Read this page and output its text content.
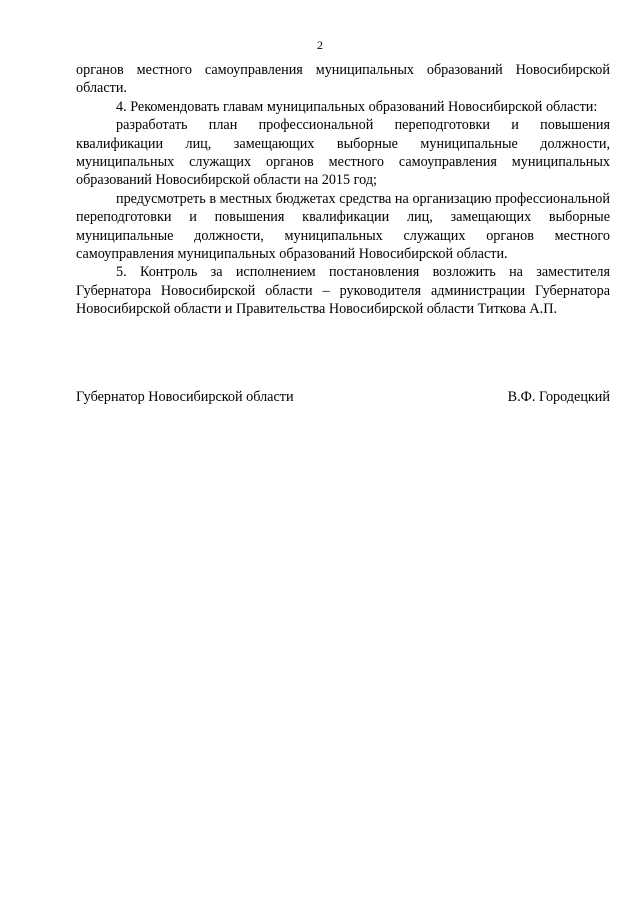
2

органов местного самоуправления муниципальных образований Новосибирской области.

4. Рекомендовать главам муниципальных образований Новосибирской области:

разработать план профессиональной переподготовки и повышения квалификации лиц, замещающих выборные муниципальные должности, муниципальных служащих органов местного самоуправления муниципальных образований Новосибирской области на 2015 год;

предусмотреть в местных бюджетах средства на организацию профессиональной переподготовки и повышения квалификации лиц, замещающих выборные муниципальные должности, муниципальных служащих органов местного самоуправления муниципальных образований Новосибирской области.

5. Контроль за исполнением постановления возложить на заместителя Губернатора Новосибирской области – руководителя администрации Губернатора Новосибирской области и Правительства Новосибирской области Титкова А.П.

Губернатор Новосибирской области	В.Ф. Городецкий
